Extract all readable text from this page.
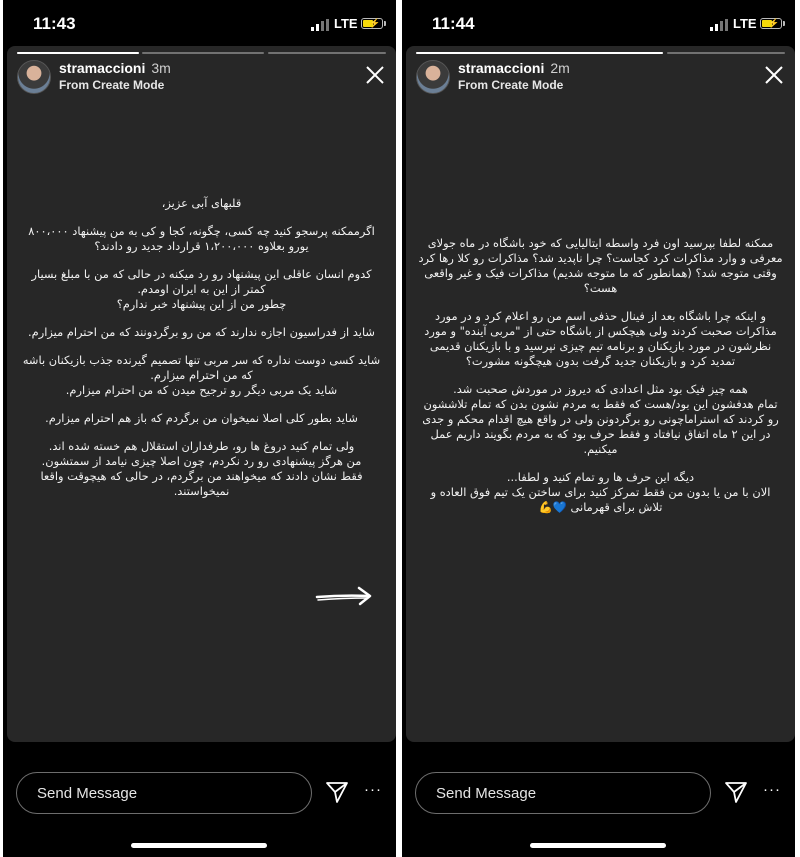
11:43	LTE ⚡
stramaccioni 3m
From Create Mode

قلبهای آبی عزیز،

اگرممکنه پرسجو کنید چه کسی، چگونه، کجا و کی به من پیشنهاد ۸۰۰،۰۰۰ یورو بعلاوه ۱،۲۰۰،۰۰۰ قرارداد جدید رو دادند؟

کدوم انسان عاقلی این پیشنهاد رو رد میکنه در حالی که من با مبلغ بسیار کمتر از این به ایران اومدم.
چطور من از این پیشنهاد خبر ندارم؟

شاید از فدراسیون اجازه ندارند که من رو برگردونند که من احترام میزارم.

شاید کسی دوست نداره که سر مربی تنها تصمیم گیرنده جذب بازیکنان باشه که من احترام میزارم.
شاید یک مربی دیگر رو ترجیح میدن که من احترام میزارم.

شاید بطور کلی اصلا نمیخوان من برگردم که باز هم احترام میزارم.

ولی تمام کنید دروغ ها رو، طرفداران استقلال هم خسته شده اند.
من هرگز پیشنهادی رو رد نکردم، چون اصلا چیزی نیامد از سمتشون.
فقط نشان دادند که میخواهند من برگردم، در حالی که هیچوقت واقعا نمیخواستند.

Send Message	···
11:44	LTE ⚡
stramaccioni 2m
From Create Mode

ممکنه لطفا بپرسید اون فرد واسطه ایتالیایی که خود باشگاه در ماه جولای معرفی و وارد مذاکرات کرد کجاست؟ چرا ناپدید شد؟ مذاکرات رو کلا رها کرد وقتی متوجه شد؟ (همانطور که ما متوجه شدیم) مذاکرات فیک و غیر واقعی هست؟

و اینکه چرا باشگاه بعد از فینال حذفی اسم من رو اعلام کرد و در مورد مذاکرات صحبت کردند ولی هیچکس از باشگاه حتی از "مربی آینده" و مورد نظرشون در مورد بازیکنان و برنامه تیم چیزی نپرسید و با بازیکنان قدیمی تمدید کرد و بازیکنان جدید گرفت بدون هیچگونه مشورت؟

همه چیز فیک بود مثل اعدادی که دیروز در موردش صحبت شد.
تمام هدفشون این بود/هست که فقط به مردم نشون بدن که تمام تلاششون رو کردند که استراماچونی رو برگردونن ولی در واقع هیچ اقدام محکم و جدی در این ۲ ماه اتفاق نیافتاد و فقط حرف بود که به مردم بگویند داریم عمل میکنیم.

دیگه این حرف ها رو تمام کنید و لطفا...
الان با من یا بدون من فقط تمرکز کنید برای ساختن یک تیم فوق العاده و تلاش برای قهرمانی 💙💪

Send Message	···
